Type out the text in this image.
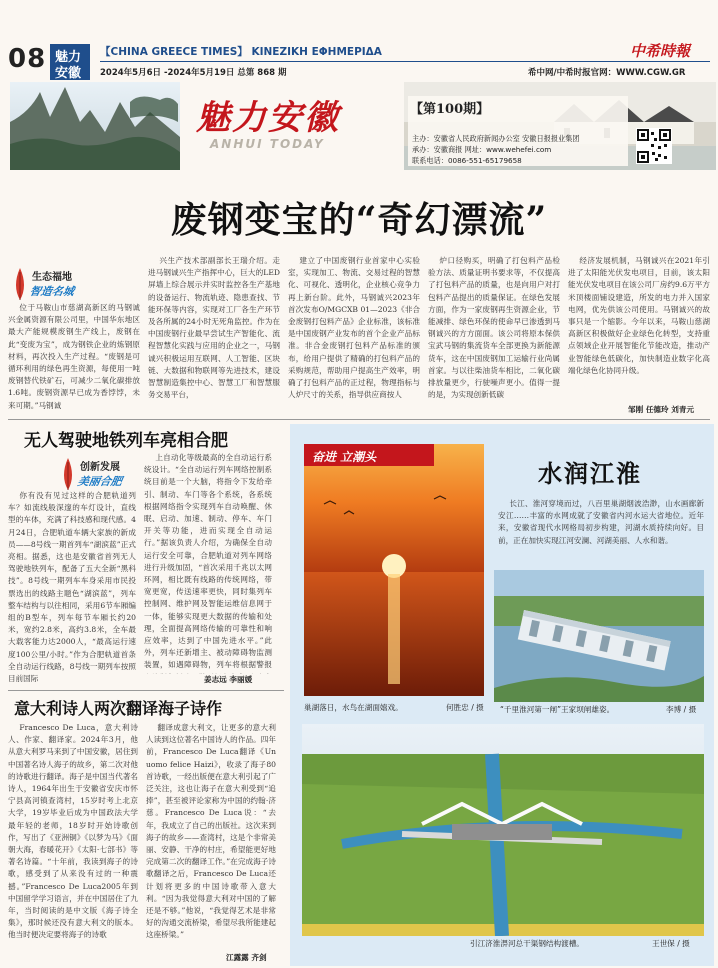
08 魅力
安徽
【CHINA GREECE TIMES】 KINEZIKH EΦHMEPIΔA
2024年5月6日 -2024年5月19日 总第 868 期
中希時報
希中网/中希时报官网：WWW.CGW.GR
魅力安徽
ANHUI TODAY
【第100期】
主办：安徽省人民政府新闻办公室 安徽日报报业集团
承办：安徽商报 网址：www.wehefei.com
联系电话：0086-551-65179658
废钢变宝的“奇幻漂流”
生态福地
智造名城
位于马鞍山市慈湖高新区的马钢诚兴金属资源有限公司里，中国华东地区最大产能规模废钢生产线上，废钢在此“变废为宝”，成为钢铁企业的炼钢原材料，再次投入生产过程。“废钢是可循环利用的绿色再生资源，每使用一吨废钢替代铁矿石，可减少二氧化碳排放1.6吨。废钢资源早已成为香饽饽，未来可期。”马钢诚
兴生产技术部副部长王瑞介绍。走进马钢诚兴生产指挥中心，巨大的LED屏墙上综合展示并实时监控各生产基地的设备运行、物流轨迹、隐患查找、节能环保等内容，实现对工厂各生产环节及各所属的24小时无死角监控。作为在中国废钢行业最早尝试生产智能化、流程智慧化实践与应用的企业之一，马钢诚兴积极运用互联网、人工智能、区块链、大数据和物联网等先进技术，建设智慧制造集控中心、智慧工厂和智慧服务交易平台，
建立了中国废钢行业首家中心实验室，实现加工、物流、交易过程的智慧化、可视化、透明化，企业核心竞争力再上新台阶。此外，马钢诚兴2023年首次发布O/MGCXB 01—2023《非合金废钢打包料产品》企业标准，该标准是中国废钢产业发布的首个企业产品标准。非合金废钢打包料产品标准的颁布，给用户提供了精确的打包料产品的采购规范，帮助用户提高生产效率，明确了打包料产品的正过程，物理指标与人炉尺寸的关系，指导供应商按人
炉口径购买，明确了打包料产品检验方法、质量证明书要求等，不仅提高了打包料产品的质量，也是向用户对打包料产品提出的质量保证。在绿色发展方面，作为一家废钢再生资源企业，节能减排、绿色环保的使命早已渗透到马钢诚兴的方方面面。该公司将原本保供宝武马钢的集流货车全部更换为新能源货车，这在中国废钢加工运输行业尚属首家。与以往柴油货车相比，二氧化碳排放量更少，行驶噪声更小。值得一提的是，为实现创新低碳
经济发展机制，马钢诚兴在2021年引进了太阳能光伏发电项目，目前，该太阳能光伏发电项目在该公司厂房约9.6万平方米顶楼面铺设建造，所发的电力并入国家电网，优先供该公司使用。马钢诚兴的故事只是一个缩影。今年以来，马鞍山慈湖高新区积极做好企业绿色化转型，支持重点领域企业开展智能化节能改造，推动产业智能绿色低碳化，加快制造业数字化高端化绿色化协同升级。
邹刚 任德玲 刘青元
无人驾驶地铁列车亮相合肥
创新发展
美丽合肥
你有没有见过这样的合肥轨道列车？如流线般深邃的车灯设计，直线型的车体，充满了科技感和现代感。4月24日，合肥轨道车辆大家族的新成员——8号线一期首列车“湖滨蓝”正式亮相。据悉，这也是安徽省首列无人驾驶地铁列车，配备了五大全新“黑科技”。8号线一期列车车身采用市民投票选出的线路主题色“湖滨蓝”，列车整车结构与以往相同，采用6节车厢编组的B型车，列车每节车厢长约20米，宽约2.8米，高约3.8米，全车最大载客能力达2000人，“最高运行速度100公里/小时。”作为合肥轨道首条全自动运行线路，8号线一期列车按照目前国际
上自动化等级最高的全自动运行系统设计。“全自动运行列车网络控制系统目前是一个大脑，将指令下发给牵引、制动、车门等各个系统，各系统根据网络指令实现列车自动唤醒、休眠、启动、加速、制动、停车、车门开关等功能，进而实现全自动运行。”据该负责人介绍，为确保全自动运行安全可靠，合肥轨道对列车网络进行升级加固，“首次采用千兆以太网环网，相比既有线路的传统网络，带宽更宽，传送速率更快，同时集列车控制网、维护网及智能运维信息网于一体，能够实现更大数据的传输和处理，全面提高网络传输的可靠性和响应效率，达到了中国先进水平。”此外，列车还新增主、被动障碍物监测装置，如遇障碍物，列车将根据警报
姜志远 李丽媛
意大利诗人两次翻译海子诗作
Francesco De Luca，意大利诗人、作家、翻译家。2024年3月，他从意大利罗马来到了中国安徽，居住到中国著名诗人海子的故乡，第二次对他的诗歌进行翻译。海子是中国当代著名诗人，1964年出生于安徽省安庆市怀宁县高河镇查湾村，15岁时考上北京大学，19岁毕业后成为中国政法大学最年轻的老师，18岁时开始诗歌创作，写出了《亚洲铜》《以梦为马》《面朝大海，春暖花开》《太阳·七部书》等著名诗篇。“十年前，我读到海子的诗歌，感受到了从来没有过的一种震撼。”Francesco De Luca2005年到中国留学学习语言，并在中国居住了九年，当时阅读的是中文版《海子诗全集》，那时候还没有意大利文的版本。他当时便决定要将海子的诗歌
翻译成意大利文，让更多的意大利人读到这位著名中国诗人的作品。四年前，Francesco De Luca翻译《Un uomo felice Haizi》，收录了海子80首诗歌，一经出版便在意大利引起了广泛关注，这也让海子在意大利受到“追捧”，甚至被评论家称为中国的约翰·济慈。Francesco De Luca说：“去年，我成立了自己的出版社。这次来到海子的故乡——查湾村，这是个非常美丽、安静、干净的村庄，希望能更好地完成第二次的翻译工作。”在完成海子诗歌翻译之后，Francesco De Luca还计划将更多的中国诗歌带入意大利。“因为我觉得意大利对中国的了解还是不够。”他说，“我觉得艺术是非常好的沟通交流桥梁，希望尽我所能建起这座桥梁。”
江露露 齐剑
奋进 立潮头
水润江淮
长江、淮河穿境而过，八百里巢湖烟波浩渺，山水画廊新安江……丰富的水网成就了安徽省内河水运大省地位。近年来，安徽省现代水网格局初步构建，河湖水质持续向好。目前，正在加快实现江河安澜、河湖美丽、人水和谐。
巢湖落日，水鸟在湖面嬉戏。	何胜忠 / 摄 “千里淮河第一闸”王家坝闸雄姿。	李博 / 摄
引江济淮淠河总干渠钢结构渡槽。	王世保 / 摄
